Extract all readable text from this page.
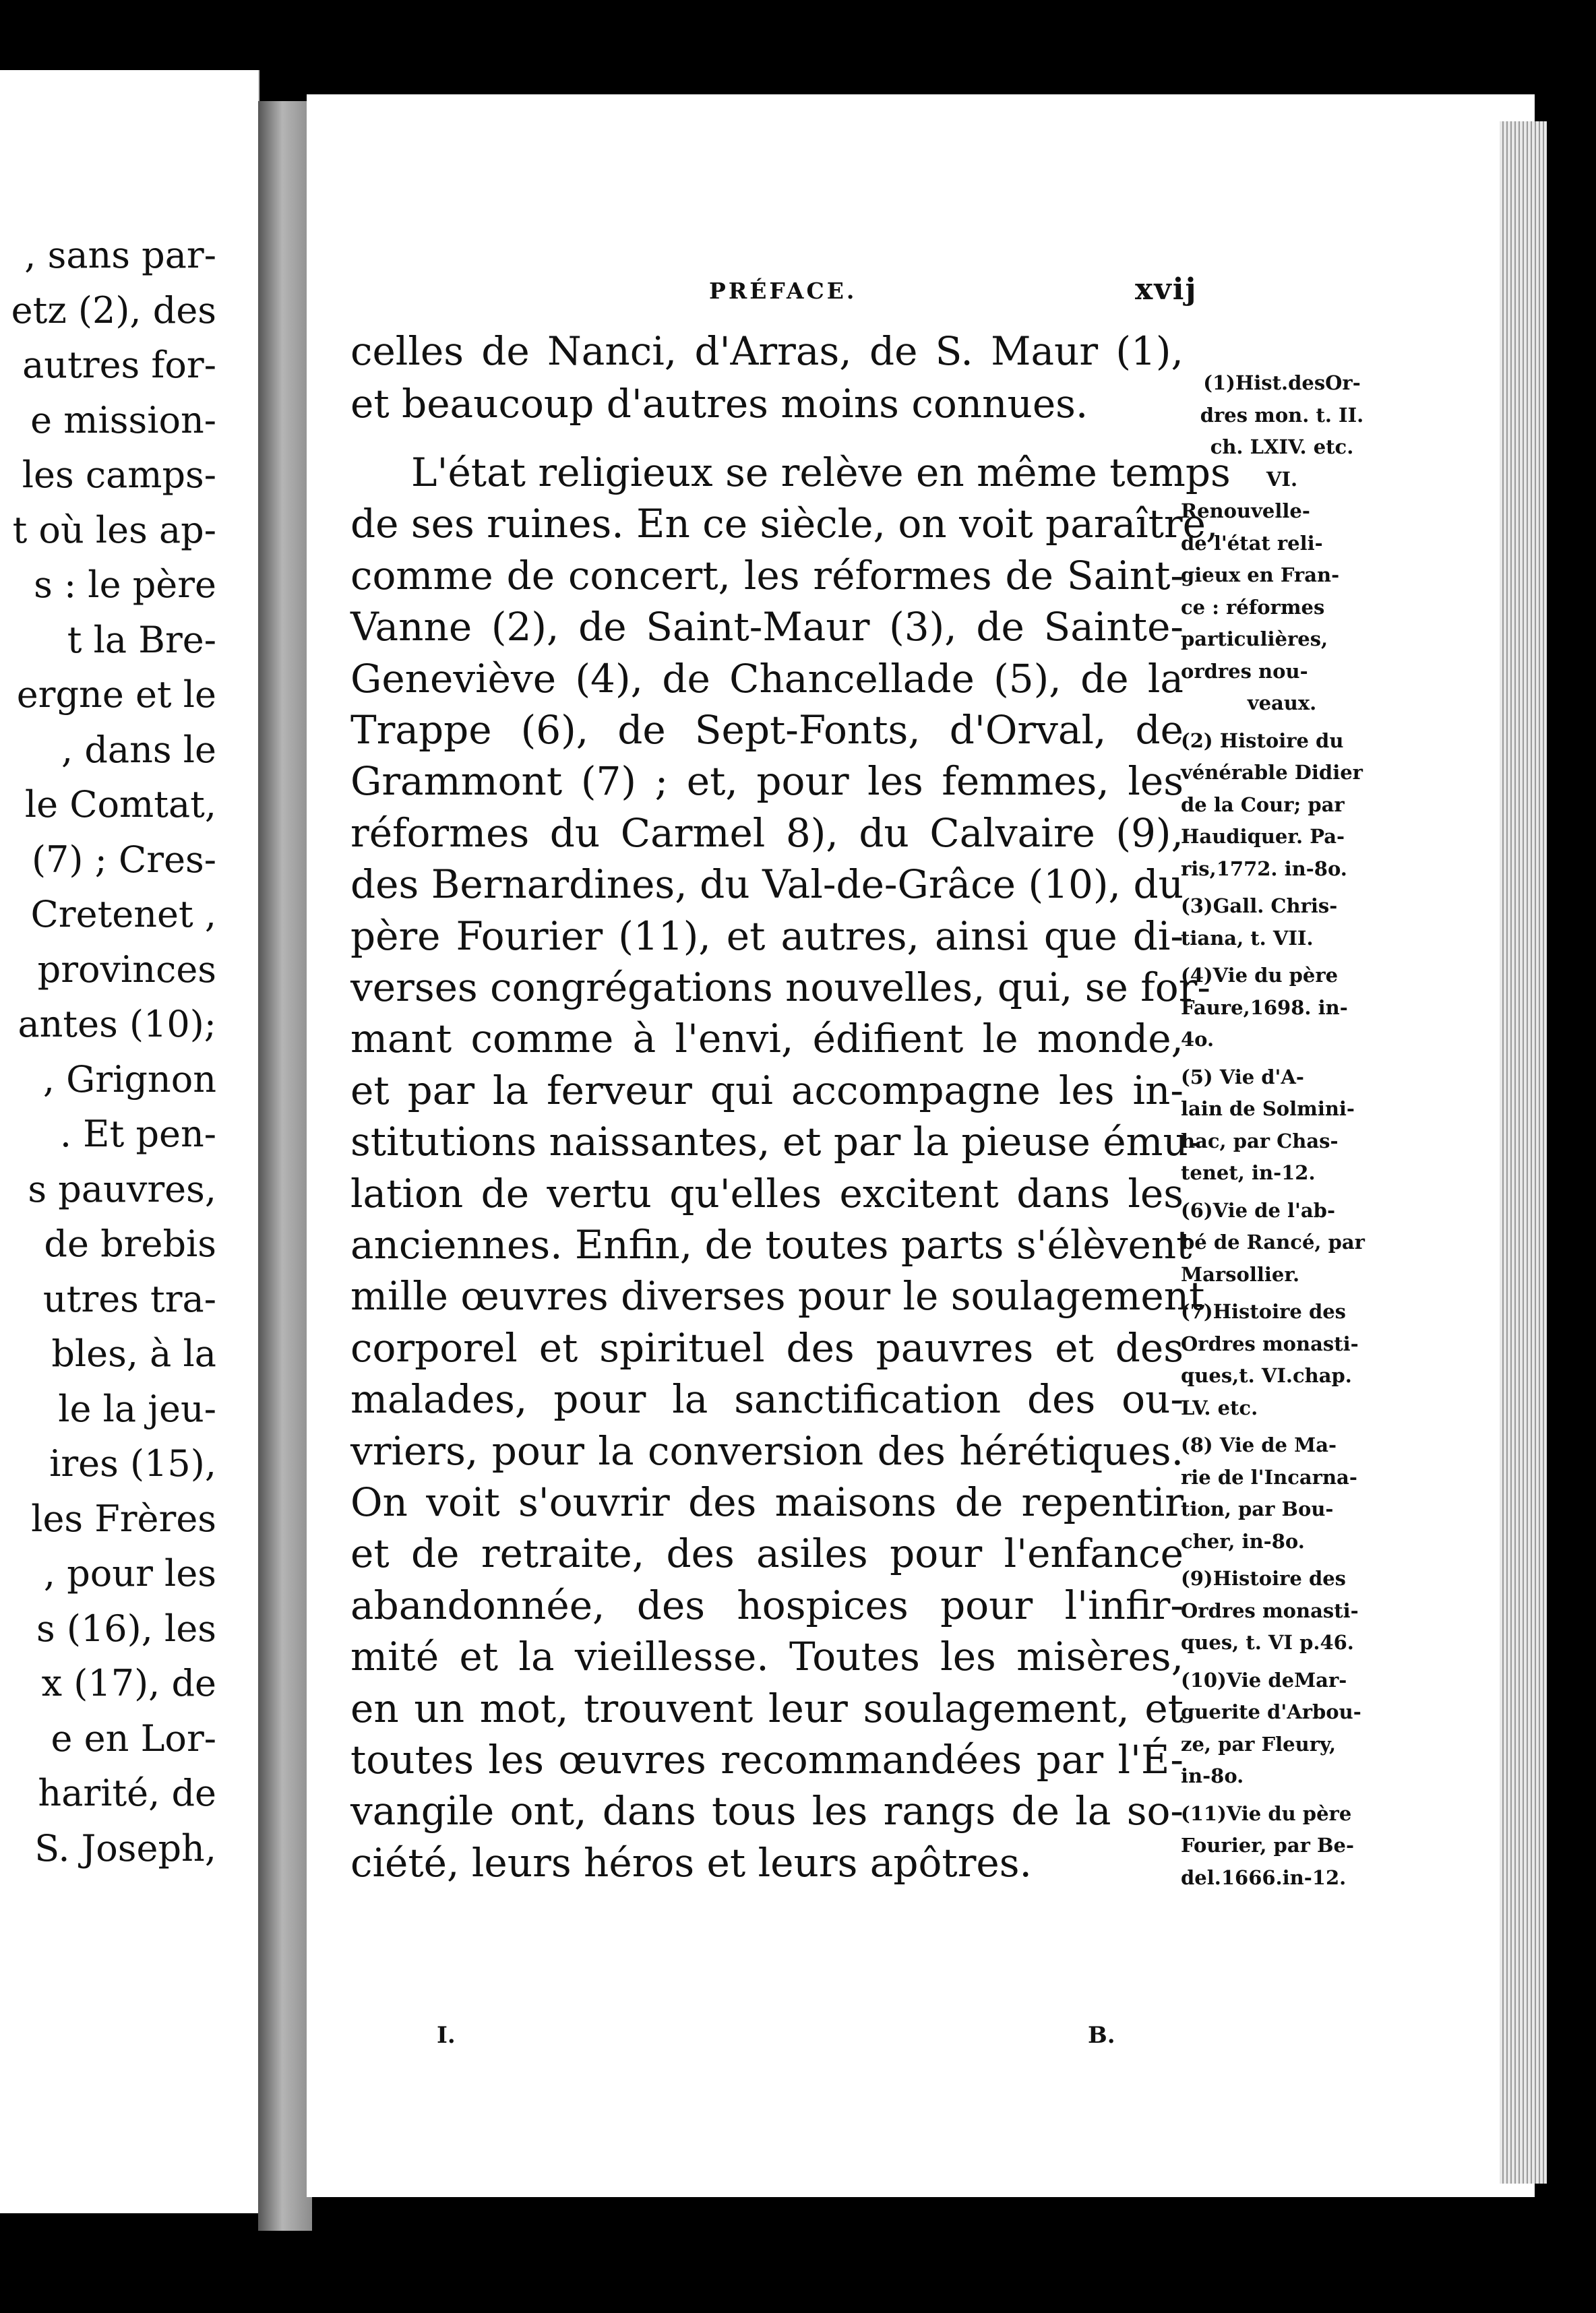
, sans par-
etz (2), des
autres for-
e mission-
les camps-
t où les ap-
s : le père
t la Bre-
ergne et le
, dans le
le Comtat,
(7) ; Cres-
Cretenet ,
provinces
antes (10);
, Grignon
. Et pen-
s pauvres,
de brebis
utres tra-
bles, à la
le la jeu-
ires (15),
les Frères
, pour les
s (16), les
x (17), de
e en Lor-
harité, de
S. Joseph,
PRÉFACE.	xvij
celles de Nanci, d'Arras, de S. Maur (1),
et beaucoup d'autres moins connues.
L'état religieux se relève en même temps
de ses ruines. En ce siècle, on voit paraître,
comme de concert, les réformes de Saint-
Vanne (2), de Saint-Maur (3), de Sainte-
Geneviève (4), de Chancellade (5), de la
Trappe (6), de Sept-Fonts, d'Orval, de
Grammont (7) ; et, pour les femmes, les
réformes du Carmel 8), du Calvaire (9),
des Bernardines, du Val-de-Grâce (10), du
père Fourier (11), et autres, ainsi que di-
verses congrégations nouvelles, qui, se for-
mant comme à l'envi, édifient le monde,
et par la ferveur qui accompagne les in-
stitutions naissantes, et par la pieuse ému-
lation de vertu qu'elles excitent dans les
anciennes. Enfin, de toutes parts s'élèvent
mille œuvres diverses pour le soulagement
corporel et spirituel des pauvres et des
malades, pour la sanctification des ou-
vriers, pour la conversion des hérétiques.
On voit s'ouvrir des maisons de repentir
et de retraite, des asiles pour l'enfance
abandonnée, des hospices pour l'infir-
mité et la vieillesse. Toutes les misères,
en un mot, trouvent leur soulagement, et
toutes les œuvres recommandées par l'É-
vangile ont, dans tous les rangs de la so-
ciété, leurs héros et leurs apôtres.
(1)Hist.desOr-
dres mon. t. II.
ch. LXIV. etc.
VI.
Renouvelle-
de l'état reli-
gieux en Fran-
ce : réformes
particulières,
ordres nou-
veaux.
(2) Histoire du
vénérable Didier
de la Cour; par
Haudiquer. Pa-
ris,1772. in-8o.
(3)Gall. Chris-
tiana, t. VII.
(4)Vie du père
Faure,1698. in-
4o.
(5) Vie d'A-
lain de Solmini-
hac, par Chas-
tenet, in-12.
(6)Vie de l'ab-
bé de Rancé, par
Marsollier.
(7)Histoire des
Ordres monasti-
ques,t. VI.chap.
LV. etc.
(8) Vie de Ma-
rie de l'Incarna-
tion, par Bou-
cher, in-8o.
(9)Histoire des
Ordres monasti-
ques, t. VI p.46.
(10)Vie deMar-
guerite d'Arbou-
ze, par Fleury,
in-8o.
(11)Vie du père
Fourier, par Be-
del.1666.in-12.
I.	B.
